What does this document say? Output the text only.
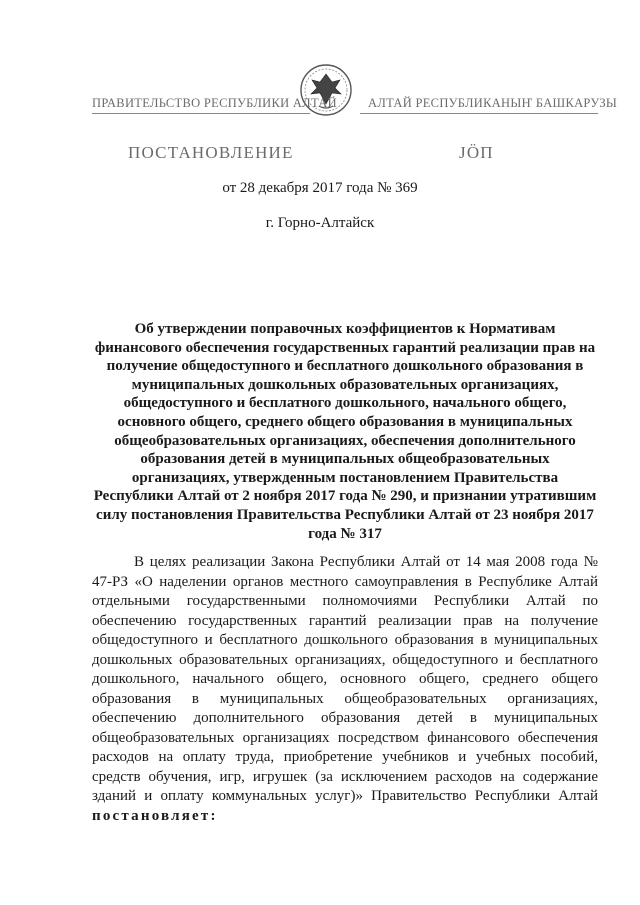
ПРАВИТЕЛЬСТВО РЕСПУБЛИКИ АЛТАЙ АЛТАЙ РЕСПУБЛИКАНЫҤ БАШКАРУЗЫ
ПОСТАНОВЛЕНИЕ	JÖП
от 28 декабря 2017 года № 369
г. Горно-Алтайск
Об утверждении поправочных коэффициентов к Нормативам финансового обеспечения государственных гарантий реализации прав на получение общедоступного и бесплатного дошкольного образования в муниципальных дошкольных образовательных организациях, общедоступного и бесплатного дошкольного, начального общего, основного общего, среднего общего образования в муниципальных общеобразовательных организациях, обеспечения дополнительного образования детей в муниципальных общеобразовательных организациях, утвержденным постановлением Правительства Республики Алтай от 2 ноября 2017 года № 290, и признании утратившим силу постановления Правительства Республики Алтай от 23 ноября 2017 года № 317
В целях реализации Закона Республики Алтай от 14 мая 2008 года № 47-РЗ «О наделении органов местного самоуправления в Республике Алтай отдельными государственными полномочиями Республики Алтай по обеспечению государственных гарантий реализации прав на получение общедоступного и бесплатного дошкольного образования в муниципальных дошкольных образовательных организациях, общедоступного и бесплатного дошкольного, начального общего, основного общего, среднего общего образования в муниципальных общеобразовательных организациях, обеспечению дополнительного образования детей в муниципальных общеобразовательных организациях посредством финансового обеспечения расходов на оплату труда, приобретение учебников и учебных пособий, средств обучения, игр, игрушек (за исключением расходов на содержание зданий и оплату коммунальных услуг)» Правительство Республики Алтай постановляет:
